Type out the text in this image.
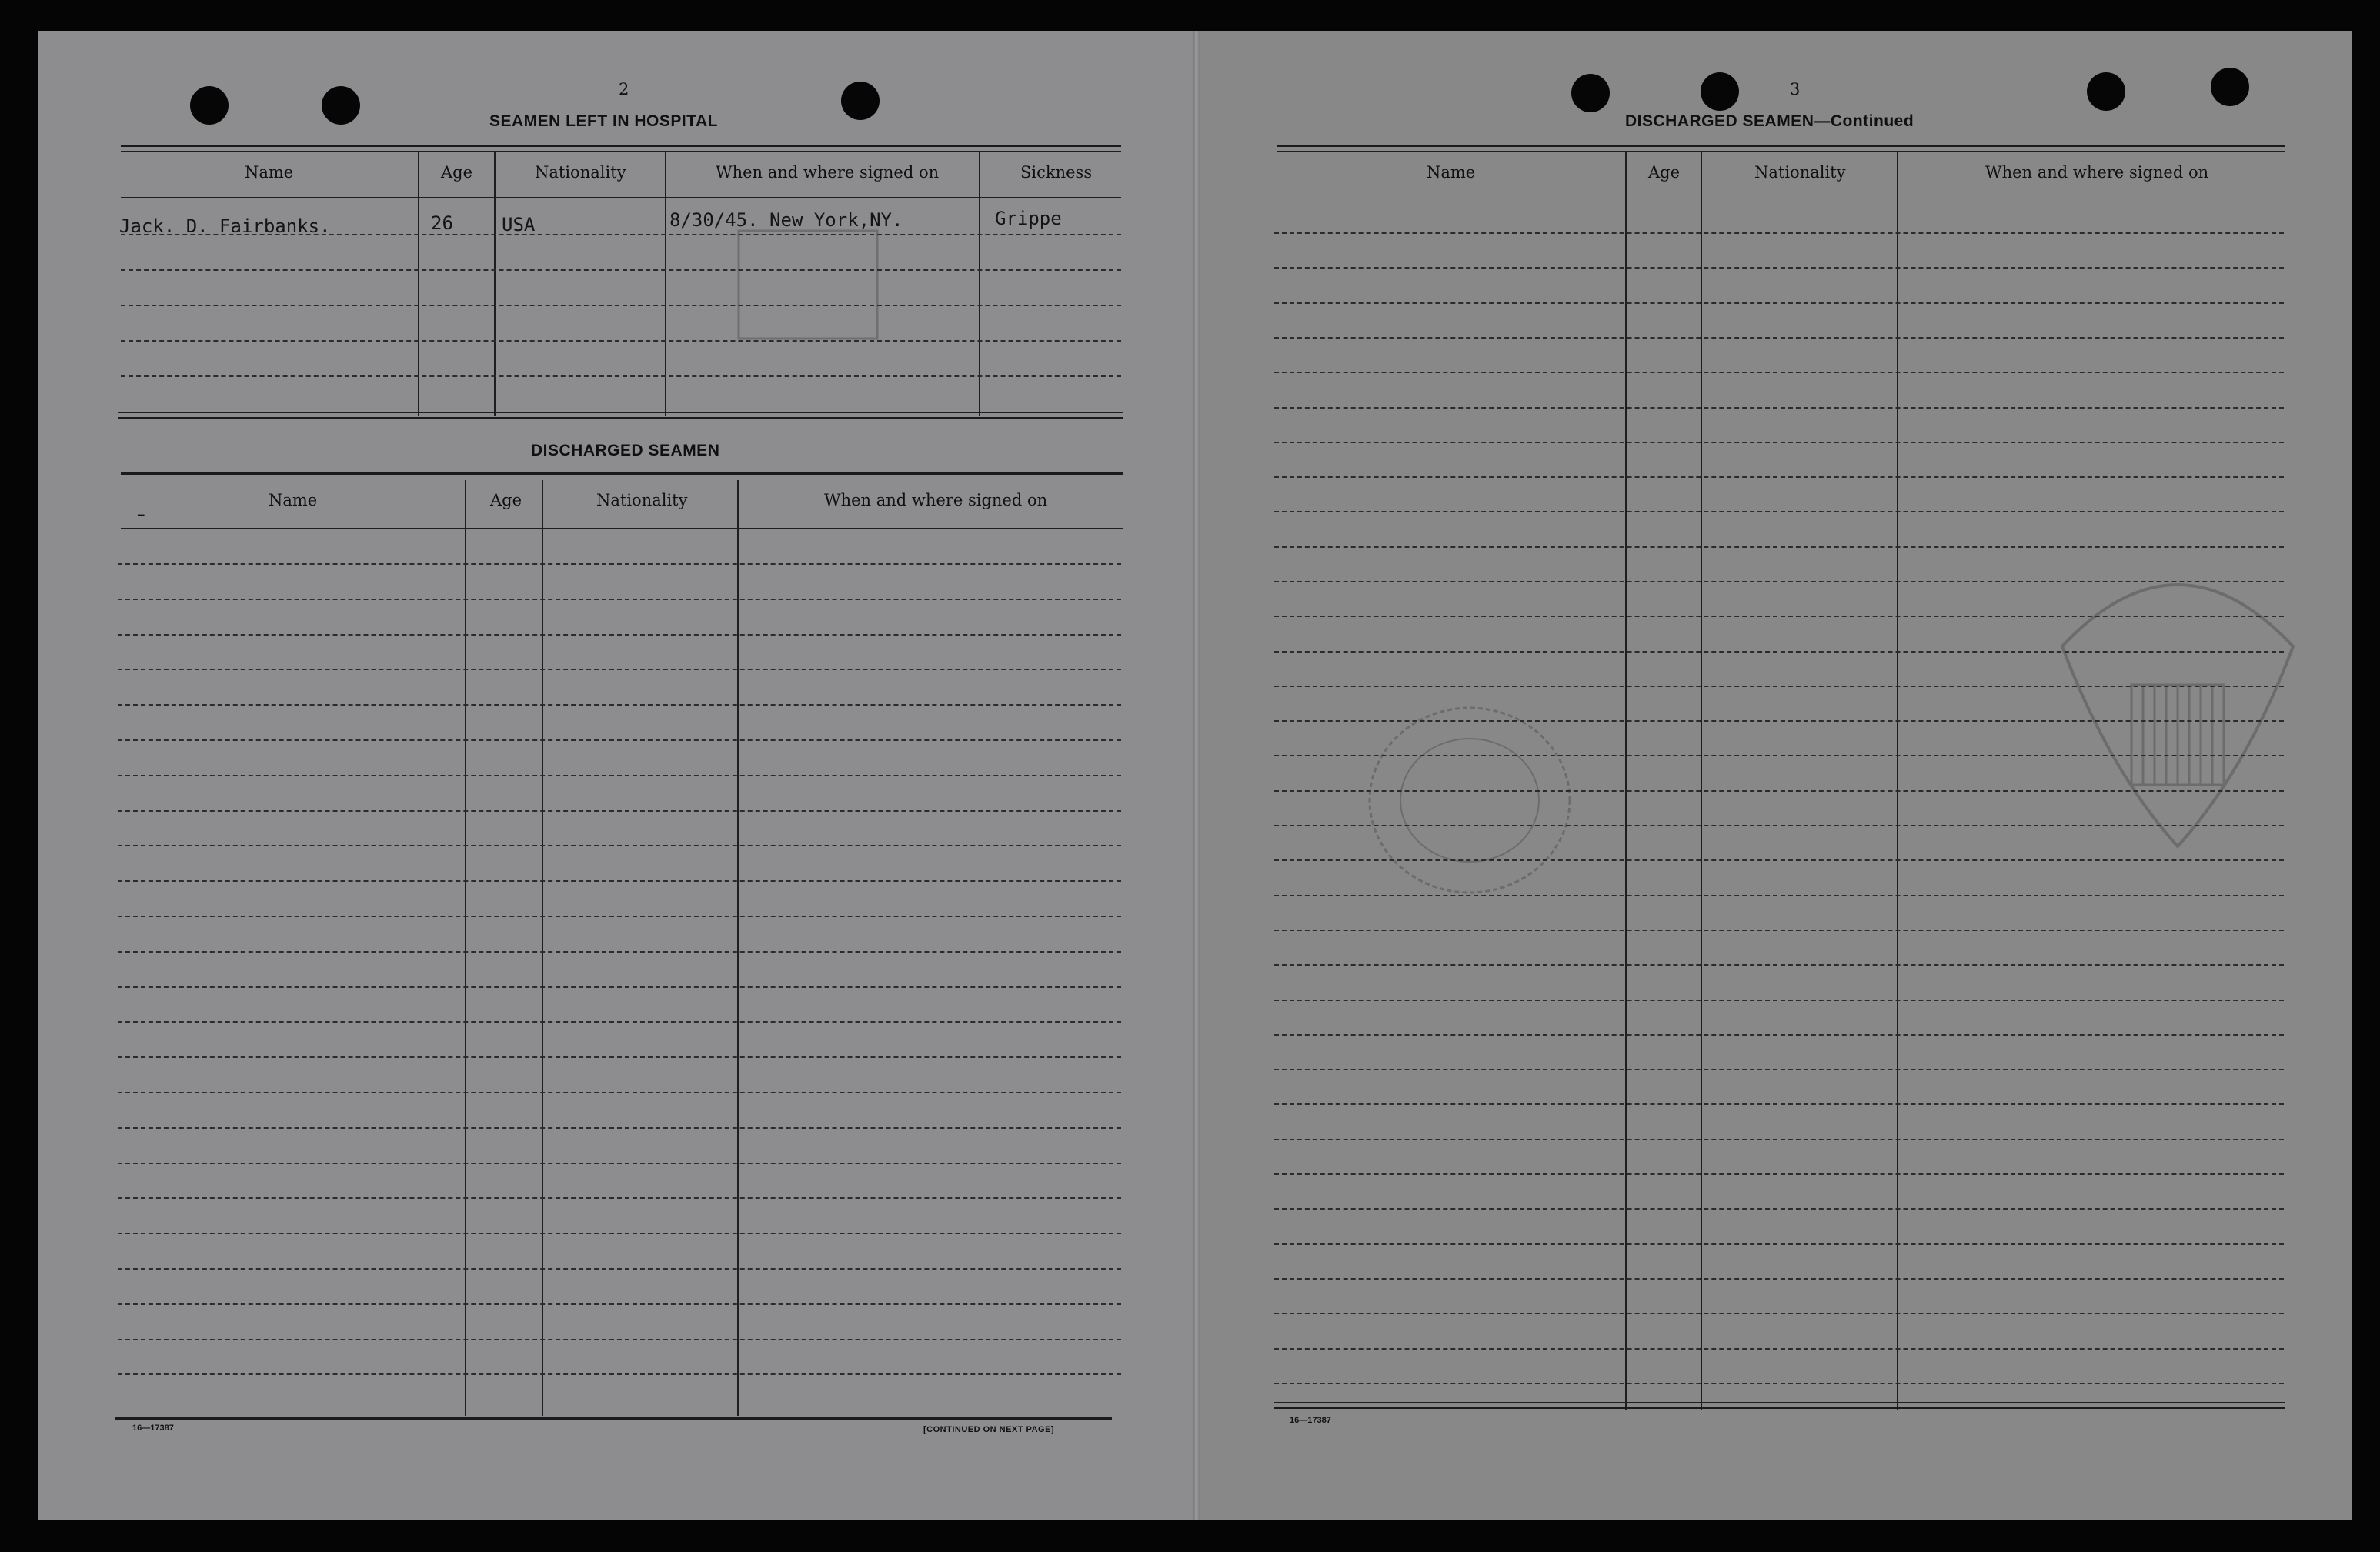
2
SEAMEN LEFT IN HOSPITAL
Name	Age	Nationality	When and where signed on	Sickness
Jack. D. Fairbanks.	26	USA	8/30/45. New York,NY.	Grippe
DISCHARGED SEAMEN
Name	Age	Nationality	When and where signed on
–
16—17387	[CONTINUED ON NEXT PAGE]
3
DISCHARGED SEAMEN—Continued
Name	Age	Nationality	When and where signed on
16—17387
